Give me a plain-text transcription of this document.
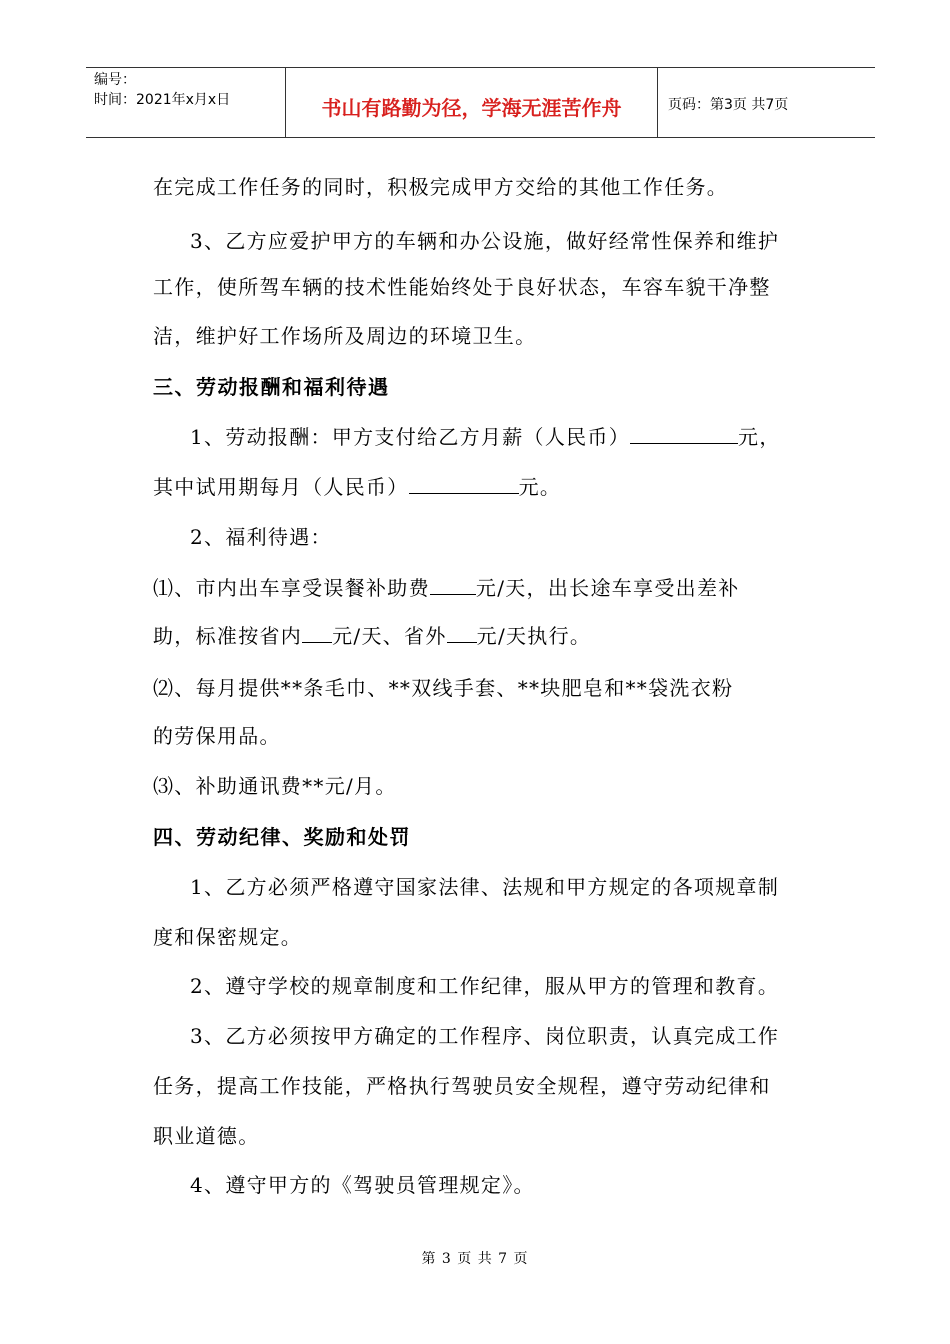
编号：
时间：2021年x月x日	书山有路勤为径，学海无涯苦作舟	页码：第3页 共7页
在完成工作任务的同时，积极完成甲方交给的其他工作任务。
3、乙方应爱护甲方的车辆和办公设施，做好经常性保养和维护
工作，使所驾车辆的技术性能始终处于良好状态，车容车貌干净整
洁，维护好工作场所及周边的环境卫生。
三、劳动报酬和福利待遇
1、劳动报酬：甲方支付给乙方月薪（人民币）	元，
其中试用期每月（人民币）	元。
2、福利待遇：
⑴、市内出车享受误餐补助费 元/天，出长途车享受出差补
助，标准按省内 元/天、省外 元/天执行。
⑵、每月提供**条毛巾、**双线手套、**块肥皂和**袋洗衣粉
的劳保用品。
⑶、补助通讯费**元/月。
四、劳动纪律、奖励和处罚
1、乙方必须严格遵守国家法律、法规和甲方规定的各项规章制
度和保密规定。
2、遵守学校的规章制度和工作纪律，服从甲方的管理和教育。
3、乙方必须按甲方确定的工作程序、岗位职责，认真完成工作
任务，提高工作技能，严格执行驾驶员安全规程，遵守劳动纪律和
职业道德。
4、遵守甲方的《驾驶员管理规定》。
第 3 页 共 7 页
